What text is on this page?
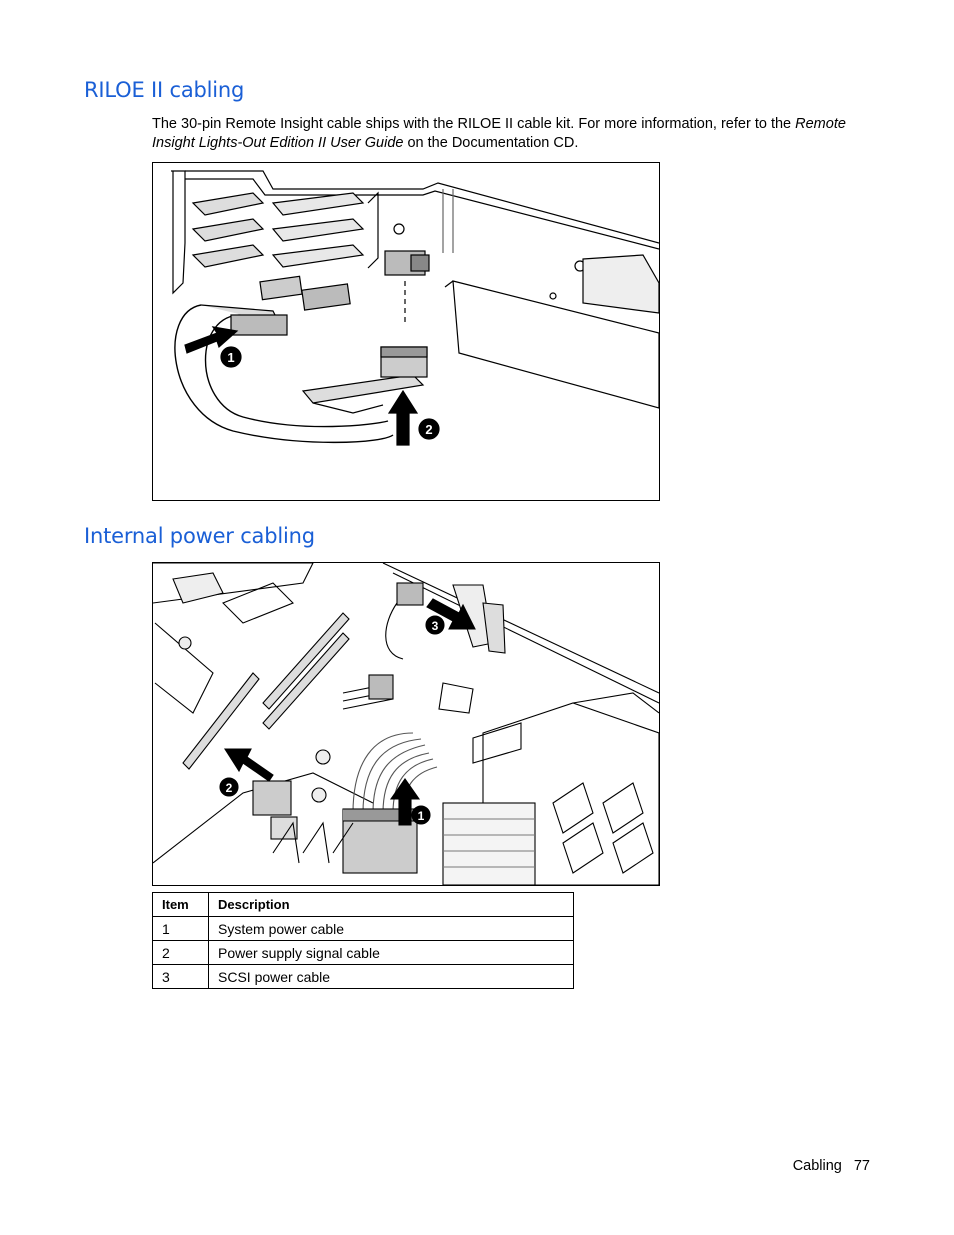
RILOE II cabling

The 30-pin Remote Insight cable ships with the RILOE II cable kit. For more information, refer to the Remote Insight Lights-Out Edition II User Guide on the Documentation CD.

1
2
Internal power cabling
1
2
3
Item	Description
1	System power cable
2	Power supply signal cable
3	SCSI power cable
Cabling 77
